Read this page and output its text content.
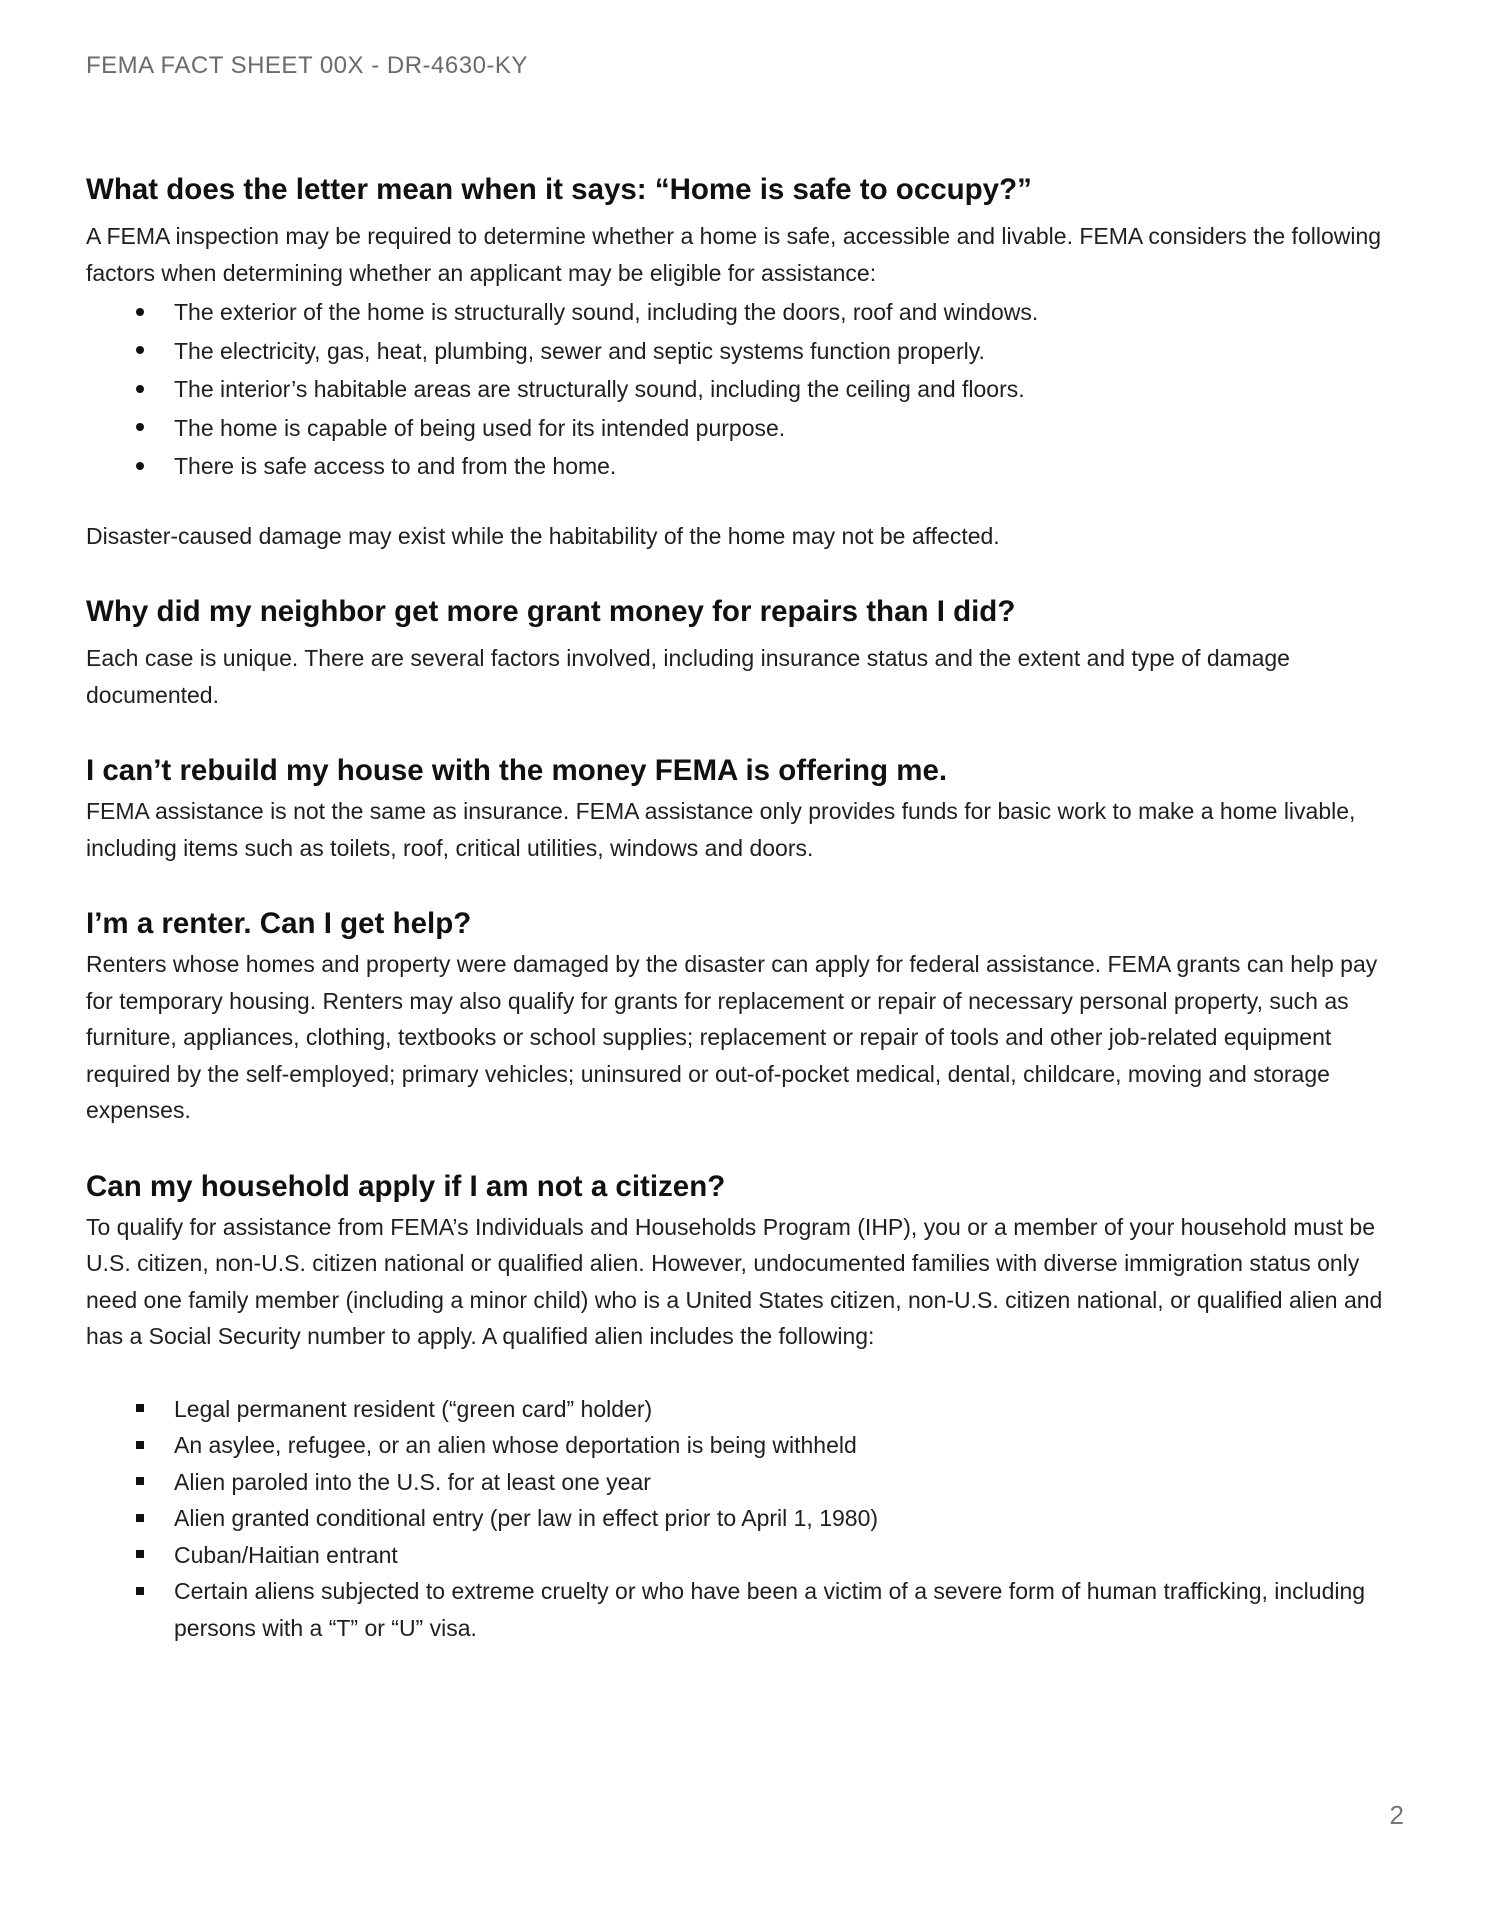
FEMA FACT SHEET 00X - DR-4630-KY
What does the letter mean when it says: “Home is safe to occupy?”

A FEMA inspection may be required to determine whether a home is safe, accessible and livable. FEMA considers the following factors when determining whether an applicant may be eligible for assistance:

The exterior of the home is structurally sound, including the doors, roof and windows.
The electricity, gas, heat, plumbing, sewer and septic systems function properly.
The interior’s habitable areas are structurally sound, including the ceiling and floors.
The home is capable of being used for its intended purpose.
There is safe access to and from the home.

Disaster-caused damage may exist while the habitability of the home may not be affected.

Why did my neighbor get more grant money for repairs than I did?

Each case is unique. There are several factors involved, including insurance status and the extent and type of damage documented.

I can’t rebuild my house with the money FEMA is offering me.

FEMA assistance is not the same as insurance. FEMA assistance only provides funds for basic work to make a home livable, including items such as toilets, roof, critical utilities, windows and doors.

I’m a renter. Can I get help?

Renters whose homes and property were damaged by the disaster can apply for federal assistance. FEMA grants can help pay for temporary housing. Renters may also qualify for grants for replacement or repair of necessary personal property, such as furniture, appliances, clothing, textbooks or school supplies; replacement or repair of tools and other job-related equipment required by the self-employed; primary vehicles; uninsured or out-of-pocket medical, dental, childcare, moving and storage expenses.

Can my household apply if I am not a citizen?

To qualify for assistance from FEMA’s Individuals and Households Program (IHP), you or a member of your household must be U.S. citizen, non-U.S. citizen national or qualified alien. However, undocumented families with diverse immigration status only need one family member (including a minor child) who is a United States citizen, non-U.S. citizen national, or qualified alien and has a Social Security number to apply. A qualified alien includes the following:

Legal permanent resident (“green card” holder)
An asylee, refugee, or an alien whose deportation is being withheld
Alien paroled into the U.S. for at least one year
Alien granted conditional entry (per law in effect prior to April 1, 1980)
Cuban/Haitian entrant
Certain aliens subjected to extreme cruelty or who have been a victim of a severe form of human trafficking, including persons with a “T” or “U” visa.
2
